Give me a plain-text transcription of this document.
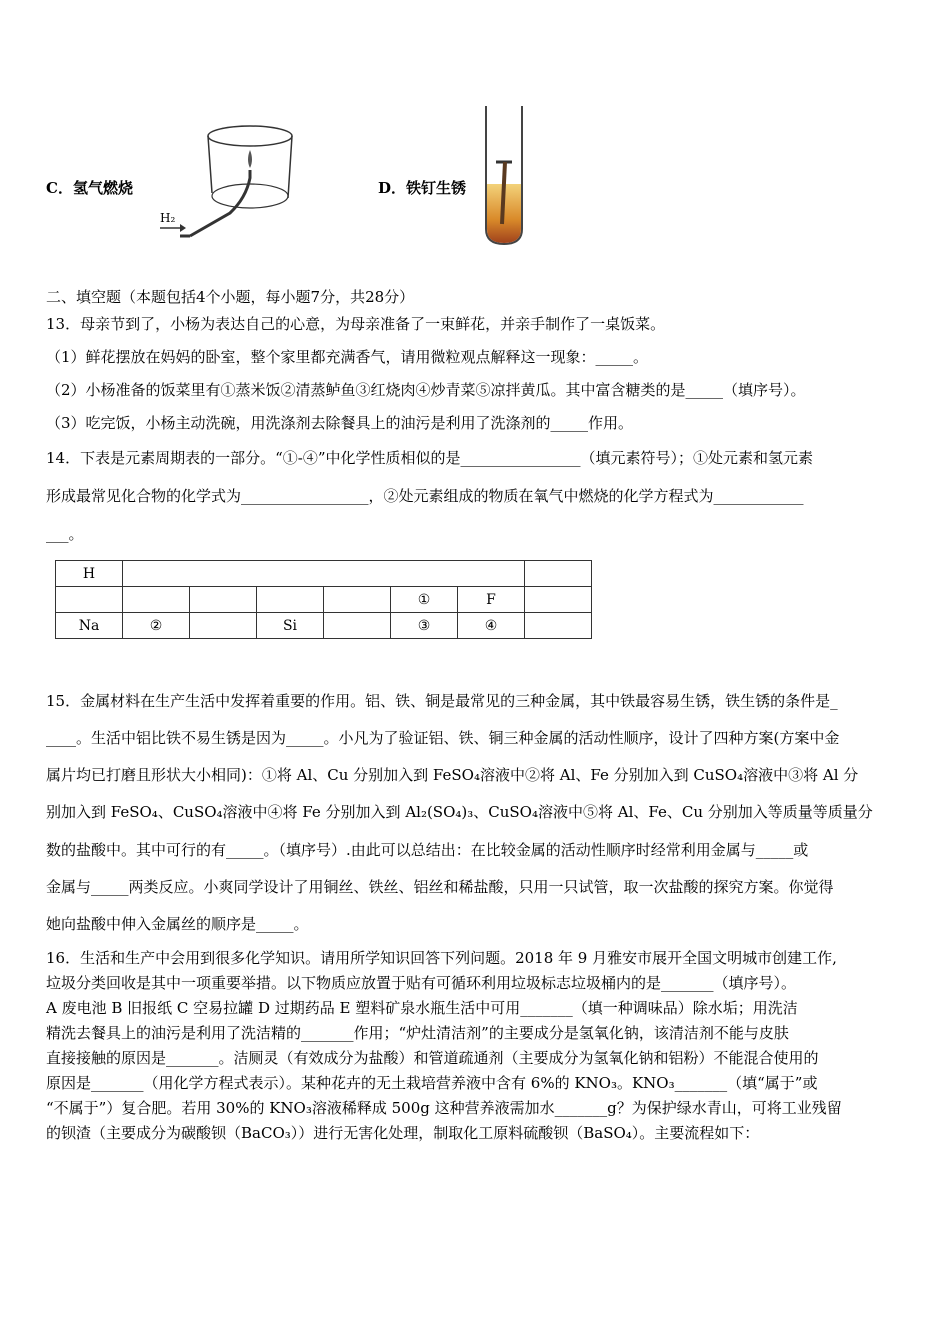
C．氢气燃烧
H₂
D．铁钉生锈
二、填空题（本题包括4个小题，每小题7分，共28分）
13．母亲节到了，小杨为表达自己的心意，为母亲准备了一束鲜花，并亲手制作了一桌饭菜。
（1）鲜花摆放在妈妈的卧室，整个家里都充满香气，请用微粒观点解释这一现象：_____。
（2）小杨准备的饭菜里有①蒸米饭②清蒸鲈鱼③红烧肉④炒青菜⑤凉拌黄瓜。其中富含糖类的是_____（填序号）。
（3）吃完饭，小杨主动洗碗，用洗涤剂去除餐具上的油污是利用了洗涤剂的_____作用。
14．下表是元素周期表的一部分。“①-④”中化学性质相似的是________________（填元素符号）；①处元素和氢元素
形成最常见化合物的化学式为_________________，②处元素组成的物质在氧气中燃烧的化学方程式为____________
___。
H							
					①	F	
Na	②		Si		③	④	
15．金属材料在生产生活中发挥着重要的作用。铝、铁、铜是最常见的三种金属，其中铁最容易生锈，铁生锈的条件是_
____。生活中铝比铁不易生锈是因为_____。小凡为了验证铝、铁、铜三种金属的活动性顺序，设计了四种方案(方案中金
属片均已打磨且形状大小相同)：①将 Al、Cu 分别加入到 FeSO₄溶液中②将 Al、Fe 分别加入到 CuSO₄溶液中③将 Al 分
别加入到 FeSO₄、CuSO₄溶液中④将 Fe 分别加入到 Al₂(SO₄)₃、CuSO₄溶液中⑤将 Al、Fe、Cu 分别加入等质量等质量分
数的盐酸中。其中可行的有_____。（填序号）.由此可以总结出：在比较金属的活动性顺序时经常利用金属与_____或
金属与_____两类反应。小爽同学设计了用铜丝、铁丝、铝丝和稀盐酸，只用一只试管，取一次盐酸的探究方案。你觉得
她向盐酸中伸入金属丝的顺序是_____。
16．生活和生产中会用到很多化学知识。请用所学知识回答下列问题。2018 年 9 月雅安市展开全国文明城市创建工作,
垃圾分类回收是其中一项重要举措。以下物质应放置于贴有可循环利用垃圾标志垃圾桶内的是_______（填序号）。
A 废电池 B 旧报纸 C 空易拉罐 D 过期药品 E 塑料矿泉水瓶生活中可用_______（填一种调味品）除水垢；用洗洁
精洗去餐具上的油污是利用了洗洁精的_______作用；“炉灶清洁剂”的主要成分是氢氧化钠，该清洁剂不能与皮肤
直接接触的原因是_______。洁厕灵（有效成分为盐酸）和管道疏通剂（主要成分为氢氧化钠和铝粉）不能混合使用的
原因是_______（用化学方程式表示）。某种花卉的无土栽培营养液中含有 6%的 KNO₃。KNO₃_______（填“属于”或
“不属于”）复合肥。若用 30%的 KNO₃溶液稀释成 500g 这种营养液需加水_______g？为保护绿水青山，可将工业残留
的钡渣（主要成分为碳酸钡（BaCO₃））进行无害化处理，制取化工原料硫酸钡（BaSO₄）。主要流程如下：
